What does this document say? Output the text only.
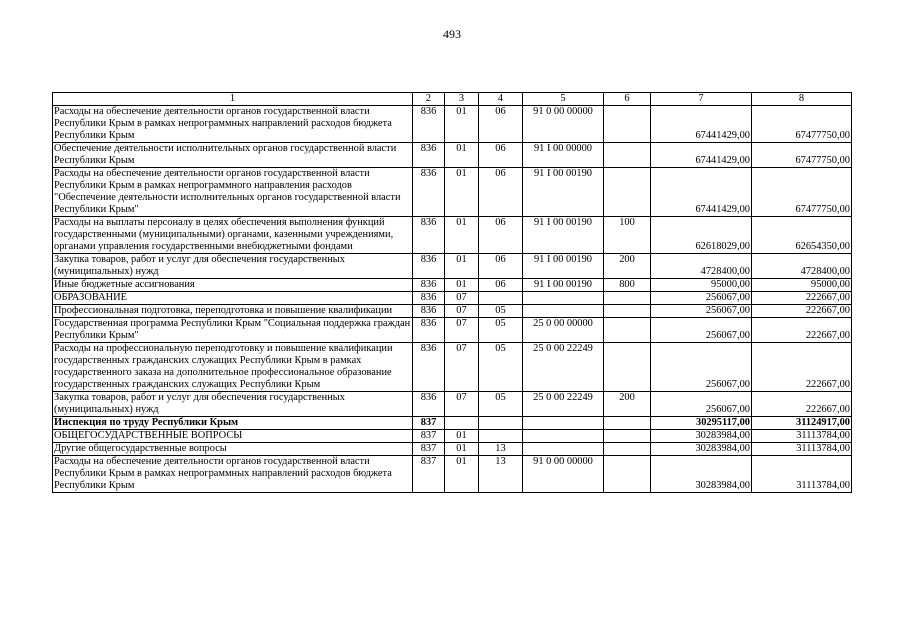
493
1	2	3	4	5	6	7	8
Расходы на обеспечение деятельности органов государственной власти Республики Крым в рамках непрограммных направлений расходов бюджета Республики Крым	836	01	06	91 0 00 00000		67441429,00	67477750,00
Обеспечение деятельности исполнительных органов государственной власти Республики Крым	836	01	06	91 I 00 00000		67441429,00	67477750,00
Расходы на обеспечение деятельности органов государственной власти Республики Крым в рамках непрограммного направления расходов "Обеспечение деятельности исполнительных органов государственной власти Республики Крым"	836	01	06	91 I 00 00190		67441429,00	67477750,00
Расходы на выплаты персоналу в целях обеспечения выполнения функций государственными (муниципальными) органами, казенными учреждениями, органами управления государственными внебюджетными фондами	836	01	06	91 I 00 00190	100	62618029,00	62654350,00
Закупка товаров, работ и услуг для обеспечения государственных (муниципальных) нужд	836	01	06	91 I 00 00190	200	4728400,00	4728400,00
Иные бюджетные ассигнования	836	01	06	91 I 00 00190	800	95000,00	95000,00
ОБРАЗОВАНИЕ	836	07				256067,00	222667,00
Профессиональная подготовка, переподготовка и повышение квалификации	836	07	05			256067,00	222667,00
Государственная программа Республики Крым "Социальная поддержка граждан Республики Крым"	836	07	05	25 0 00 00000		256067,00	222667,00
Расходы на профессиональную переподготовку и повышение квалификации государственных гражданских служащих Республики Крым в рамках государственного заказа на дополнительное профессиональное образование государственных гражданских служащих Республики Крым	836	07	05	25 0 00 22249		256067,00	222667,00
Закупка товаров, работ и услуг для обеспечения государственных (муниципальных) нужд	836	07	05	25 0 00 22249	200	256067,00	222667,00
Инспекция по труду Республики Крым	837					30295117,00	31124917,00
ОБЩЕГОСУДАРСТВЕННЫЕ ВОПРОСЫ	837	01				30283984,00	31113784,00
Другие общегосударственные вопросы	837	01	13			30283984,00	31113784,00
Расходы на обеспечение деятельности органов государственной власти Республики Крым в рамках непрограммных направлений расходов бюджета Республики Крым	837	01	13	91 0 00 00000		30283984,00	31113784,00
